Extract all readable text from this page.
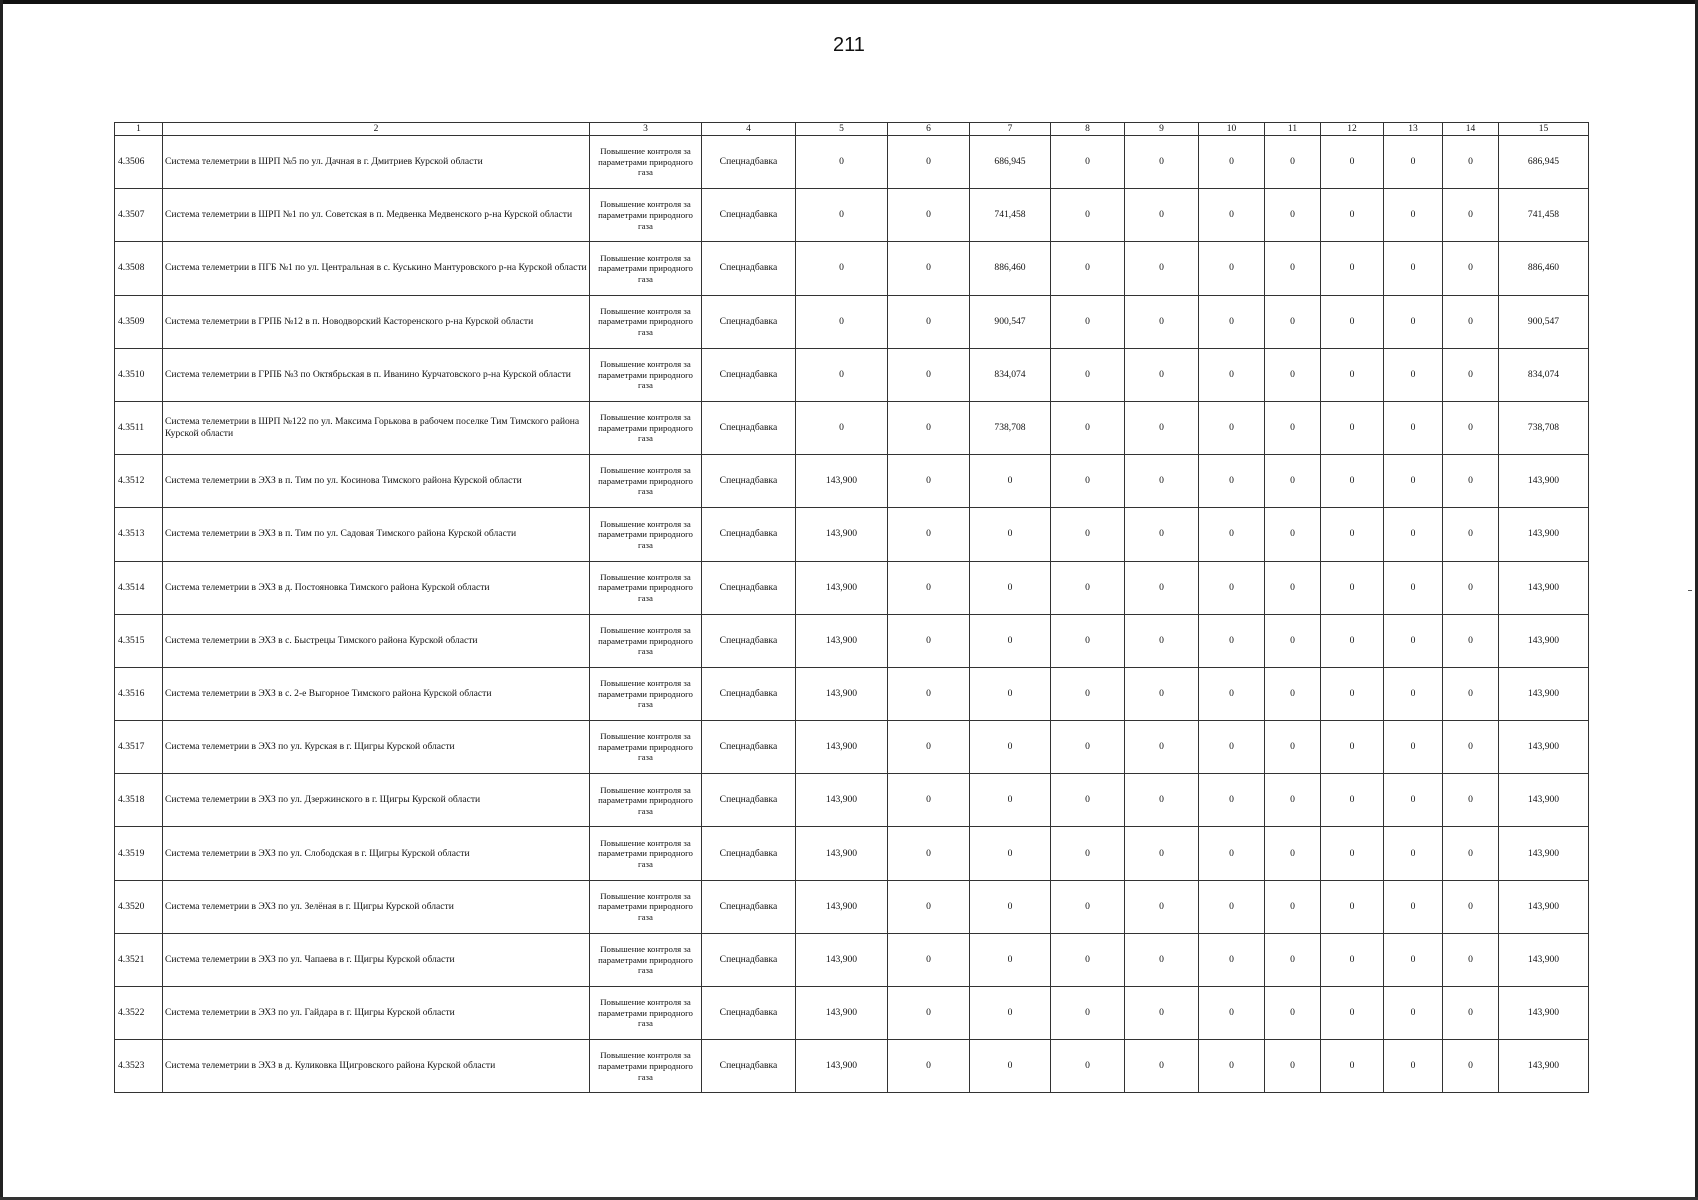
211
1	2	3	4	5	6	7	8	9	10	11	12	13	14	15
4.3506	Система телеметрии в ШРП №5 по ул. Дачная в г. Дмитриев Курской области	Повышение контроля за параметрами природного газа	Спецнадбавка	0	0	686,945	0	0	0	0	0	0	0	686,945
4.3507	Система телеметрии в ШРП №1 по ул. Советская в п. Медвенка Медвенского р-на Курской области	Повышение контроля за параметрами природного газа	Спецнадбавка	0	0	741,458	0	0	0	0	0	0	0	741,458
4.3508	Система телеметрии в ПГБ №1 по ул. Центральная в с. Куськино Мантуровского р-на Курской области	Повышение контроля за параметрами природного газа	Спецнадбавка	0	0	886,460	0	0	0	0	0	0	0	886,460
4.3509	Система телеметрии в ГРПБ №12 в п. Новодворский Касторенского р-на Курской области	Повышение контроля за параметрами природного газа	Спецнадбавка	0	0	900,547	0	0	0	0	0	0	0	900,547
4.3510	Система телеметрии в ГРПБ №3 по Октябрьская в п. Иванино Курчатовского р-на Курской области	Повышение контроля за параметрами природного газа	Спецнадбавка	0	0	834,074	0	0	0	0	0	0	0	834,074
4.3511	Система телеметрии в ШРП №122 по ул. Максима Горькова в рабочем поселке Тим Тимского района Курской области	Повышение контроля за параметрами природного газа	Спецнадбавка	0	0	738,708	0	0	0	0	0	0	0	738,708
4.3512	Система телеметрии в ЭХЗ в п. Тим по ул. Косинова Тимского района Курской области	Повышение контроля за параметрами природного газа	Спецнадбавка	143,900	0	0	0	0	0	0	0	0	0	143,900
4.3513	Система телеметрии в ЭХЗ в п. Тим по ул. Садовая Тимского района Курской области	Повышение контроля за параметрами природного газа	Спецнадбавка	143,900	0	0	0	0	0	0	0	0	0	143,900
4.3514	Система телеметрии в ЭХЗ в д. Постояновка Тимского района Курской области	Повышение контроля за параметрами природного газа	Спецнадбавка	143,900	0	0	0	0	0	0	0	0	0	143,900
4.3515	Система телеметрии в ЭХЗ в с. Быстрецы Тимского района Курской области	Повышение контроля за параметрами природного газа	Спецнадбавка	143,900	0	0	0	0	0	0	0	0	0	143,900
4.3516	Система телеметрии в ЭХЗ в с. 2-е Выгорное Тимского района Курской области	Повышение контроля за параметрами природного газа	Спецнадбавка	143,900	0	0	0	0	0	0	0	0	0	143,900
4.3517	Система телеметрии в ЭХЗ по ул. Курская в г. Щигры Курской области	Повышение контроля за параметрами природного газа	Спецнадбавка	143,900	0	0	0	0	0	0	0	0	0	143,900
4.3518	Система телеметрии в ЭХЗ по ул. Дзержинского в г. Щигры Курской области	Повышение контроля за параметрами природного газа	Спецнадбавка	143,900	0	0	0	0	0	0	0	0	0	143,900
4.3519	Система телеметрии в ЭХЗ по ул. Слободская в г. Щигры Курской области	Повышение контроля за параметрами природного газа	Спецнадбавка	143,900	0	0	0	0	0	0	0	0	0	143,900
4.3520	Система телеметрии в ЭХЗ по ул. Зелёная в г. Щигры Курской области	Повышение контроля за параметрами природного газа	Спецнадбавка	143,900	0	0	0	0	0	0	0	0	0	143,900
4.3521	Система телеметрии в ЭХЗ по ул. Чапаева в г. Щигры Курской области	Повышение контроля за параметрами природного газа	Спецнадбавка	143,900	0	0	0	0	0	0	0	0	0	143,900
4.3522	Система телеметрии в ЭХЗ по ул. Гайдара в г. Щигры Курской области	Повышение контроля за параметрами природного газа	Спецнадбавка	143,900	0	0	0	0	0	0	0	0	0	143,900
4.3523	Система телеметрии в ЭХЗ в д. Куликовка Щигровского района Курской области	Повышение контроля за параметрами природного газа	Спецнадбавка	143,900	0	0	0	0	0	0	0	0	0	143,900
